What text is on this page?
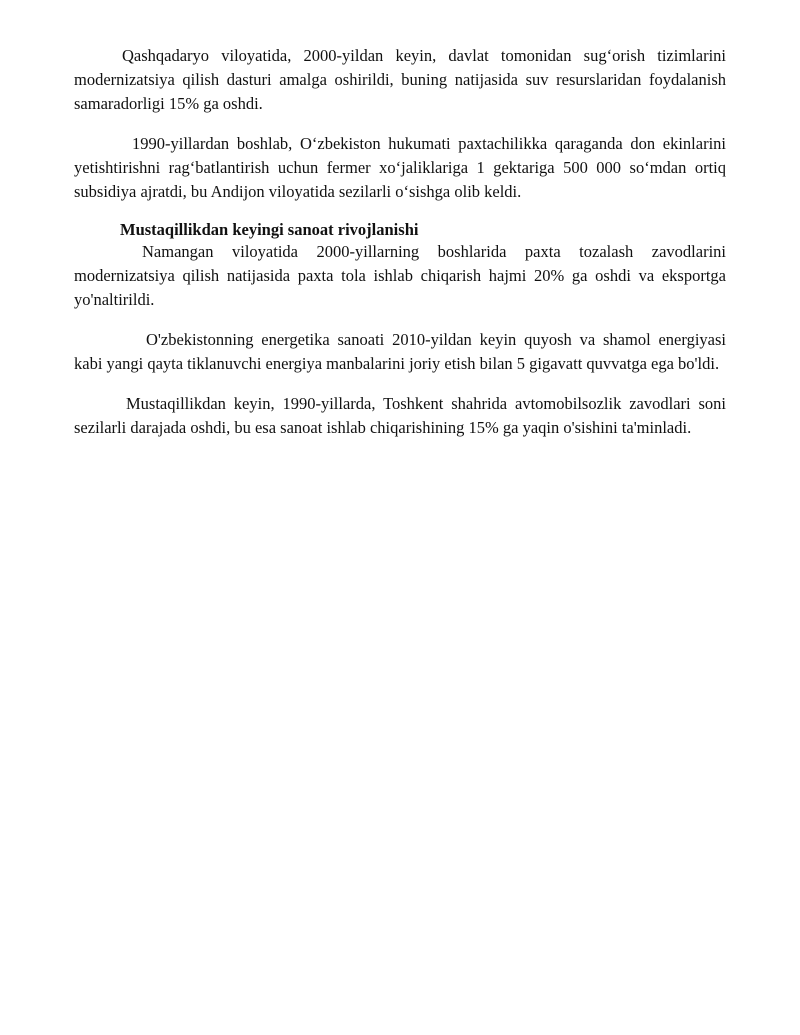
Qashqadaryo viloyatida, 2000-yildan keyin, davlat tomonidan sug‘orish tizimlarini modernizatsiya qilish dasturi amalga oshirildi, buning natijasida suv resurslaridan foydalanish samaradorligi 15% ga oshdi.

1990-yillardan boshlab, O‘zbekiston hukumati paxtachilikka qaraganda don ekinlarini yetishtirishni rag‘batlantirish uchun fermer xo‘jaliklariga 1 gektariga 500 000 so‘mdan ortiq subsidiya ajratdi, bu Andijon viloyatida sezilarli o‘sishga olib keldi.

Mustaqillikdan keyingi sanoat rivojlanishi

Namangan viloyatida 2000-yillarning boshlarida paxta tozalash zavodlarini modernizatsiya qilish natijasida paxta tola ishlab chiqarish hajmi 20% ga oshdi va eksportga yo'naltirildi.

O'zbekistonning energetika sanoati 2010-yildan keyin quyosh va shamol energiyasi kabi yangi qayta tiklanuvchi energiya manbalarini joriy etish bilan 5 gigavatt quvvatga ega bo'ldi.

Mustaqillikdan keyin, 1990-yillarda, Toshkent shahrida avtomobilsozlik zavodlari soni sezilarli darajada oshdi, bu esa sanoat ishlab chiqarishining 15% ga yaqin o'sishini ta'minladi.
